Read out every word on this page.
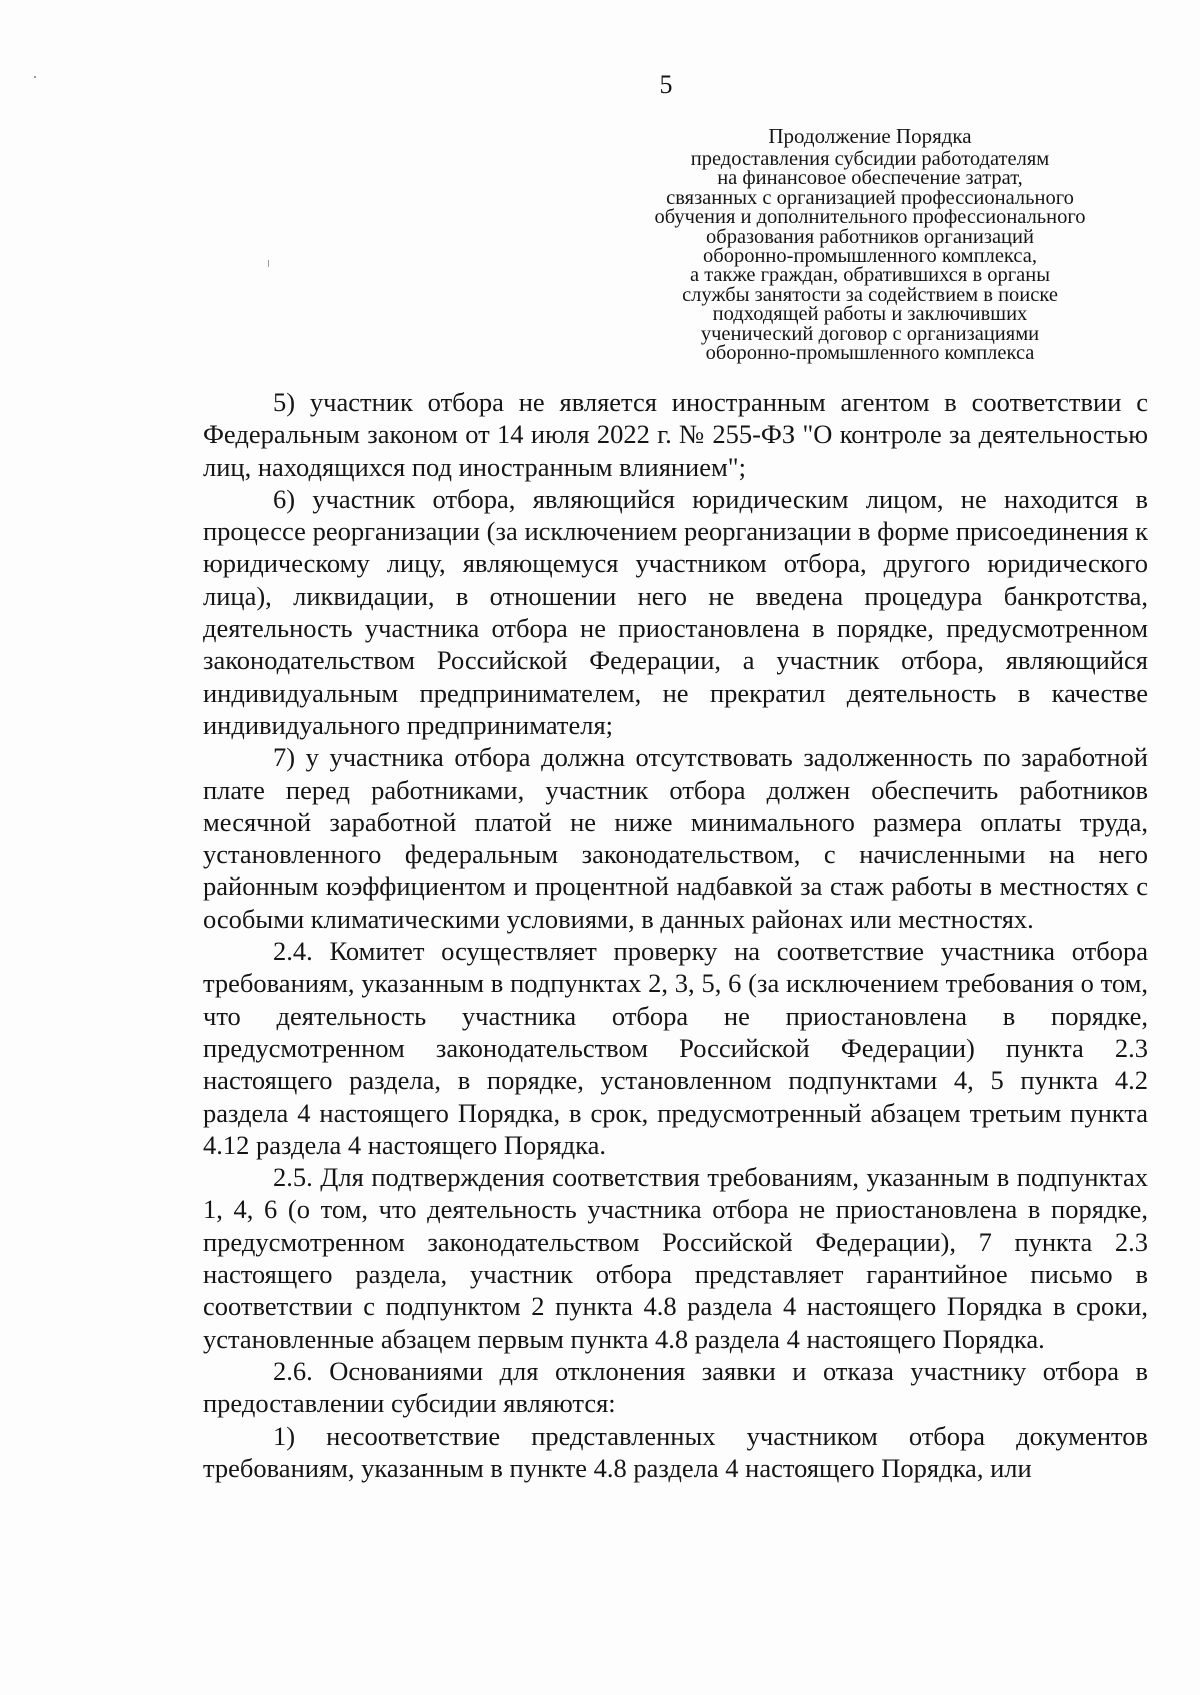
5
Продолжение Порядка
предоставления субсидии работодателям
на финансовое обеспечение затрат,
связанных с организацией профессионального
обучения и дополнительного профессионального
образования работников организаций
оборонно-промышленного комплекса,
а также граждан, обратившихся в органы
службы занятости за содействием в поиске
подходящей работы и заключивших
ученический договор с организациями
оборонно-промышленного комплекса

5) участник отбора не является иностранным агентом в соответствии с Федеральным законом от 14 июля 2022 г. № 255-ФЗ "О контроле за деятельностью лиц, находящихся под иностранным влиянием";

6) участник отбора, являющийся юридическим лицом, не находится в процессе реорганизации (за исключением реорганизации в форме присоединения к юридическому лицу, являющемуся участником отбора, другого юридического лица), ликвидации, в отношении него не введена процедура банкротства, деятельность участника отбора не приостановлена в порядке, предусмотренном законодательством Российской Федерации, а участник отбора, являющийся индивидуальным предпринимателем, не прекратил деятельность в качестве индивидуального предпринимателя;

7) у участника отбора должна отсутствовать задолженность по заработной плате перед работниками, участник отбора должен обеспечить работников месячной заработной платой не ниже минимального размера оплаты труда, установленного федеральным законодательством, с начисленными на него районным коэффициентом и процентной надбавкой за стаж работы в местностях с особыми климатическими условиями, в данных районах или местностях.

2.4. Комитет осуществляет проверку на соответствие участника отбора требованиям, указанным в подпунктах 2, 3, 5, 6 (за исключением требования о том, что деятельность участника отбора не приостановлена в порядке, предусмотренном законодательством Российской Федерации) пункта 2.3 настоящего раздела, в порядке, установленном подпунктами 4, 5 пункта 4.2 раздела 4 настоящего Порядка, в срок, предусмотренный абзацем третьим пункта 4.12 раздела 4 настоящего Порядка.

2.5. Для подтверждения соответствия требованиям, указанным в подпунктах 1, 4, 6 (о том, что деятельность участника отбора не приостановлена в порядке, предусмотренном законодательством Российской Федерации), 7 пункта 2.3 настоящего раздела, участник отбора представляет гарантийное письмо в соответствии с подпунктом 2 пункта 4.8 раздела 4 настоящего Порядка в сроки, установленные абзацем первым пункта 4.8 раздела 4 настоящего Порядка.

2.6. Основаниями для отклонения заявки и отказа участнику отбора в предоставлении субсидии являются:

1) несоответствие представленных участником отбора документов требованиям, указанным в пункте 4.8 раздела 4 настоящего Порядка, или
